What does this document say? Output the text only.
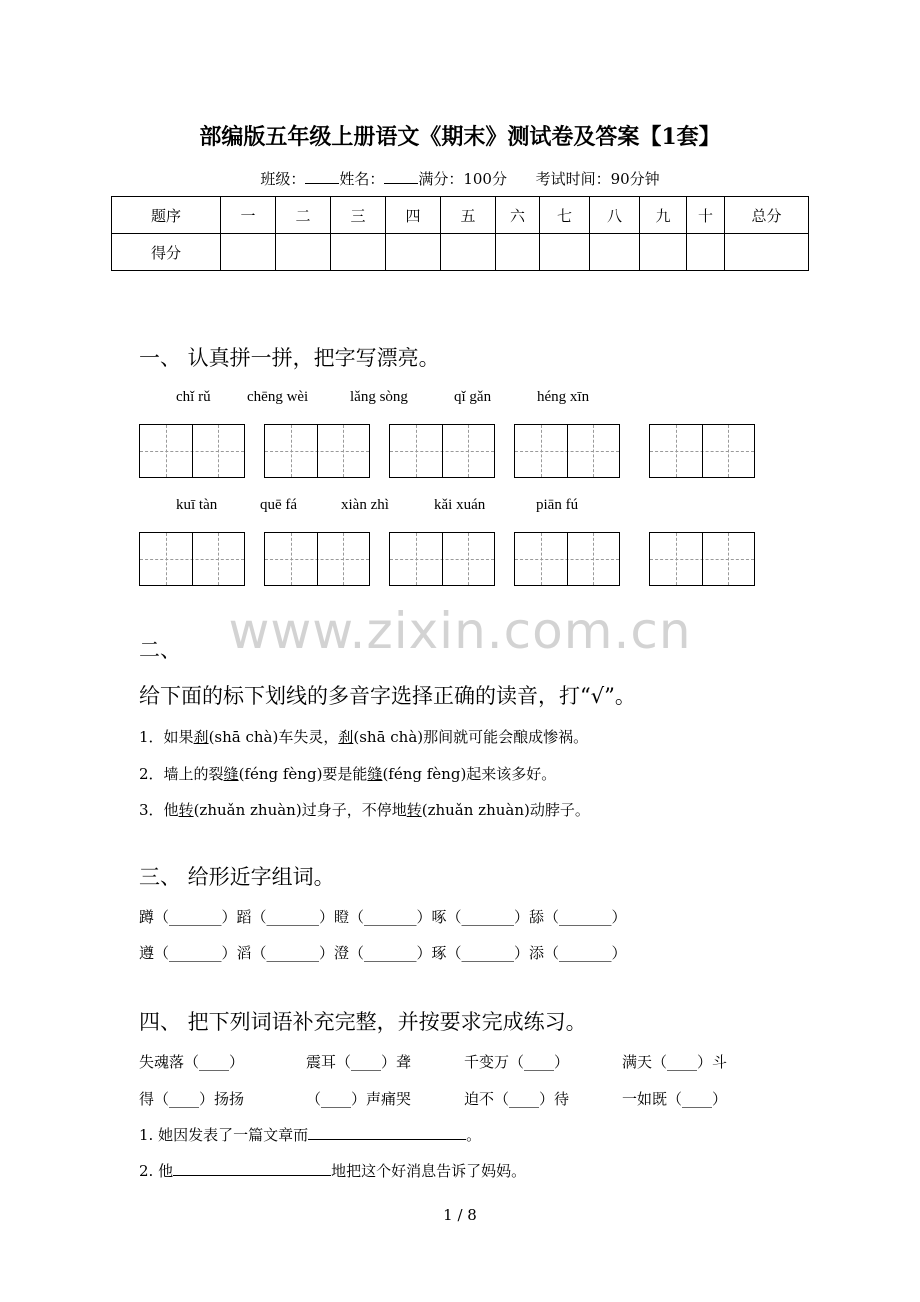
部编版五年级上册语文《期末》测试卷及答案【1套】
班级： 姓名： 满分：100分 考试时间：90分钟
题序	一	二	三	四	五	六	七	八	九	十	总分
得分											
一、 认真拼一拼，把字写漂亮。
chǐ rǔ chēng wèi	lǎng sòng	qǐ gǎn	héng xīn
kuī tàn	quē fá	xiàn zhì	kǎi xuán	piān fú
www.zixin.com.cn
二、
给下面的标下划线的多音字选择正确的读音，打“√”。
1．如果刹(shā chà)车失灵，刹(shā chà)那间就可能会酿成惨祸。
2．墙上的裂缝(féng fèng)要是能缝(féng fèng)起来该多好。
3．他转(zhuǎn zhuàn)过身子，不停地转(zhuǎn zhuàn)动脖子。
三、 给形近字组词。
蹲（_______）蹈（_______）瞪（_______）啄（_______）舔（_______）
遵（_______）滔（_______）澄（_______）琢（_______）添（_______）
四、 把下列词语补充完整，并按要求完成练习。
失魂落（____）	震耳（____）聋	千变万（____）	满天（____）斗
得（____）扬扬	（____）声痛哭	迫不（____）待	一如既（____）
1. 她因发表了一篇文章而	。
2. 他	地把这个好消息告诉了妈妈。
1 / 8
